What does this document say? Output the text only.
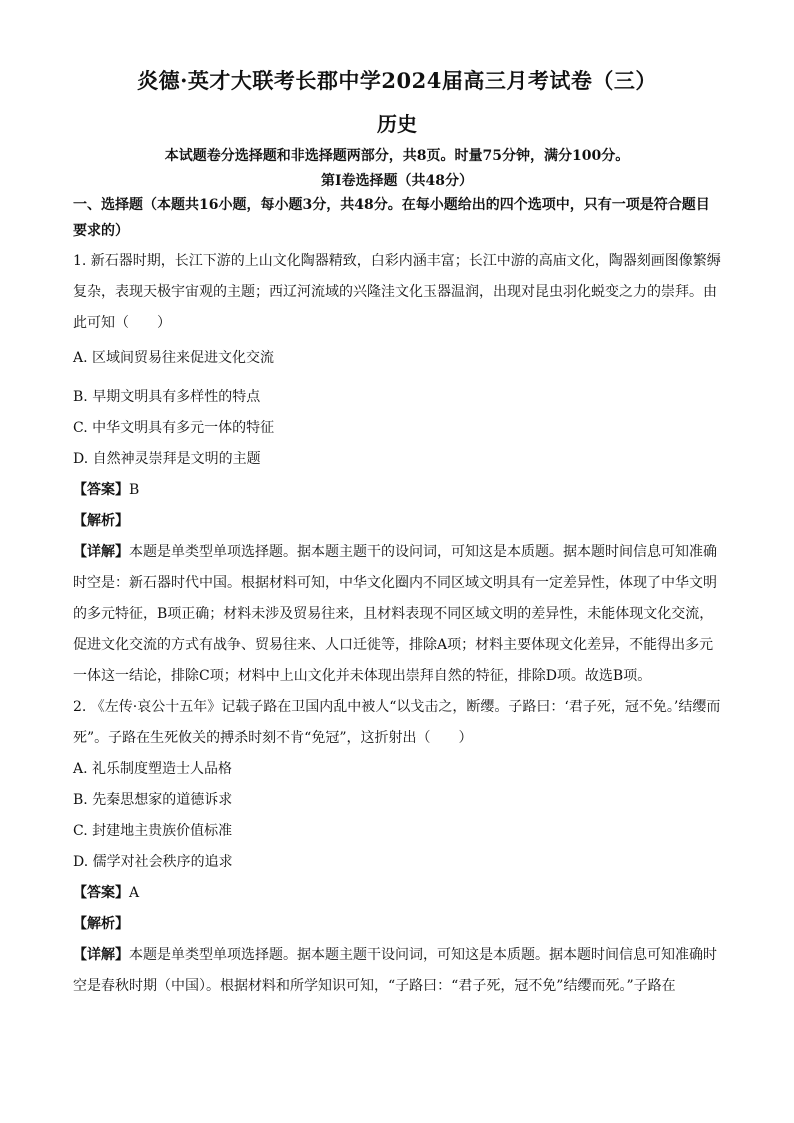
炎德·英才大联考长郡中学2024届高三月考试卷（三）
历史
本试题卷分选择题和非选择题两部分，共8页。时量75分钟，满分100分。
第Ⅰ卷选择题（共48分）

一、选择题（本题共16小题，每小题3分，共48分。在每小题给出的四个选项中，只有一项是符合题目要求的）

1. 新石器时期，长江下游的上山文化陶器精致，白彩内涵丰富；长江中游的高庙文化，陶器刻画图像繁缛复杂，表现天极宇宙观的主题；西辽河流域的兴隆洼文化玉器温润，出现对昆虫羽化蜕变之力的崇拜。由此可知（　　）

A. 区域间贸易往来促进文化交流

B. 早期文明具有多样性的特点

C. 中华文明具有多元一体的特征

D. 自然神灵崇拜是文明的主题

【答案】B

【解析】

【详解】本题是单类型单项选择题。据本题主题干的设问词，可知这是本质题。据本题时间信息可知准确时空是：新石器时代中国。根据材料可知，中华文化圈内不同区域文明具有一定差异性，体现了中华文明的多元特征，B项正确；材料未涉及贸易往来，且材料表现不同区域文明的差异性，未能体现文化交流，促进文化交流的方式有战争、贸易往来、人口迁徙等，排除A项；材料主要体现文化差异，不能得出多元一体这一结论，排除C项；材料中上山文化并未体现出崇拜自然的特征，排除D项。故选B项。

2. 《左传·哀公十五年》记载子路在卫国内乱中被人“以戈击之，断缨。子路曰：‘君子死，冠不免。’结缨而死”。子路在生死攸关的搏杀时刻不肯“免冠”，这折射出（　　）

A. 礼乐制度塑造士人品格

B. 先秦思想家的道德诉求

C. 封建地主贵族价值标准

D. 儒学对社会秩序的追求

【答案】A

【解析】

【详解】本题是单类型单项选择题。据本题主题干设问词，可知这是本质题。据本题时间信息可知准确时空是春秋时期（中国）。根据材料和所学知识可知，“子路曰：“君子死，冠不免”结缨而死。”子路在
